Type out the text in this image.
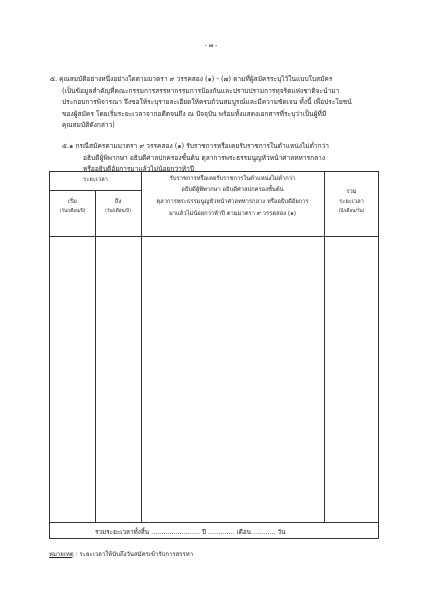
- ๗ -
๕. คุณสมบัติอย่างหนึ่งอย่างใดตามมาตรา ๙ วรรคสอง (๑) - (๗) ตามที่ผู้สมัครระบุไว้ในแบบใบสมัคร
(เป็นข้อมูลสำคัญที่คณะกรรมการสรรหากรรมการป้องกันและปราบปรามการทุจริตแห่งชาติจะนำมา
ประกอบการพิจารณา จึงขอให้ระบุรายละเอียดให้ครบถ้วนสมบูรณ์และมีความชัดเจน ทั้งนี้ เพื่อประโยชน์
ของผู้สมัคร โดยเริ่มระยะเวลาจากอดีตจนถึง ณ ปัจจุบัน พร้อมทั้งแสดงเอกสารที่ระบุว่าเป็นผู้ที่มี
คุณสมบัติดังกล่าว)
๕.๑ กรณีสมัครตามมาตรา ๙ วรรคสอง (๑) รับราชการหรือเคยรับราชการในตำแหน่งไม่ต่ำกว่า
อธิบดีผู้พิพากษา อธิบดีศาลปกครองชั้นต้น ตุลาการพระธรรมนูญหัวหน้าศาลทหารกลาง
หรืออธิบดีอัยการมาแล้วไม่น้อยกว่าห้าปี
ระยะเวลา
เริ่ม
(วัน/เดือน/ปี)
ถึง
(วัน/เดือน/ปี)
รับราชการหรือเคยรับราชการในตำแหน่งไม่ต่ำกว่า
อธิบดีผู้พิพากษา อธิบดีศาลปกครองชั้นต้น
ตุลาการพระธรรมนูญหัวหน้าศาลทหารกลาง หรืออธิบดีอัยการ
มาแล้วไม่น้อยกว่าห้าปี ตามมาตรา ๙ วรรคสอง (๑)
รวม
ระยะเวลา
(ปี/เดือน/วัน)
รวมระยะเวลาทั้งสิ้น ........................ ปี ............. เดือน ........... วัน
หมายเหตุ : ระยะเวลาให้นับถึงวันสมัครเข้ารับการสรรหา
